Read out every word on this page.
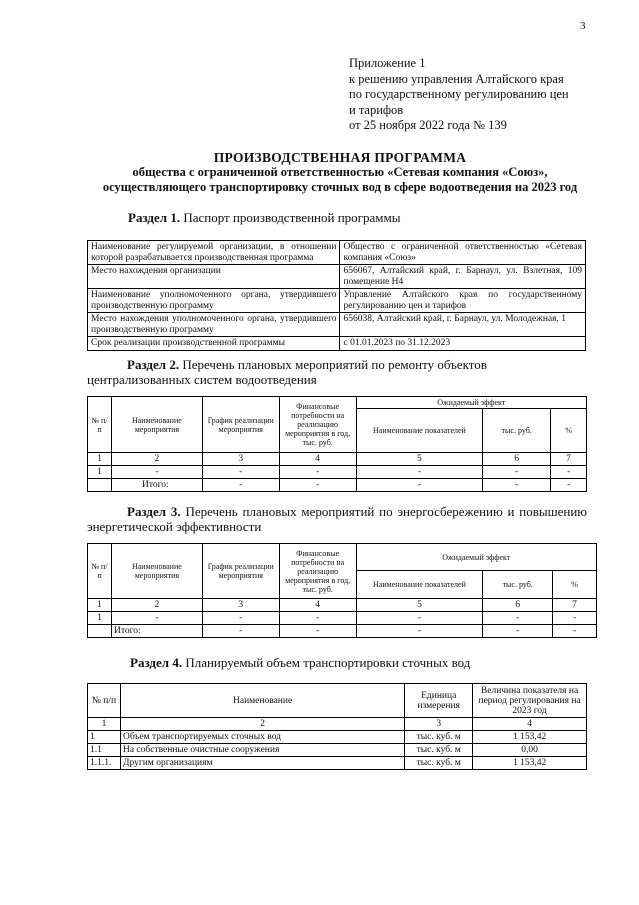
3
Приложение 1
к решению управления Алтайского края
по государственному регулированию цен
и тарифов
от 25 ноября 2022 года № 139
ПРОИЗВОДСТВЕННАЯ ПРОГРАММА
общества с ограниченной ответственностью «Сетевая компания «Союз»,
осуществляющего транспортировку сточных вод в сфере водоотведения на 2023 год
Раздел 1. Паспорт производственной программы
Наименование регулируемой организации, в отношении которой разрабатывается производственная программа	Общество с ограниченной ответственностью «Сетевая компания «Союз»
Место нахождения организации	656067, Алтайский край, г. Барнаул, ул. Взлетная, 109 помещение Н4
Наименование уполномоченного органа, утвердившего производственную программу	Управление Алтайского края по государственному регулированию цен и тарифов
Место нахождения уполномоченного органа, утвердившего производственную программу	656038, Алтайский край, г. Барнаул, ул. Молодежная, 1
Срок реализации производственной программы	с 01.01.2023 по 31.12.2023
Раздел 2. Перечень плановых мероприятий по ремонту объектов централизованных систем водоотведения
№ п/п	Наименование мероприятия	График реализации мероприятия	Финансовые потребности на реализацию мероприятия в год, тыс. руб.	Ожидаемый эффект		
				Наименование показателей	тыс. руб.	%
1	2	3	4	5	6	7
1	-	-	-	-	-	-
	Итого:	-	-	-	-	-
Раздел 3. Перечень плановых мероприятий по энергосбережению и повышению энергетической эффективности
№ п/п	Наименование мероприятия	График реализации мероприятия	Финансовые потребности на реализацию мероприятия в год, тыс. руб.	Ожидаемый эффект		
				Наименование показателей	тыс. руб.	%
1	2	3	4	5	6	7
1	-	-	-	-	-	-
	Итого:	-	-	-	-	-
Раздел 4. Планируемый объем транспортировки сточных вод
№ п/п	Наименование	Единица измерения	Величина показателя на период регулирования на 2023 год
1	2	3	4
1	Объем транспортируемых сточных вод	тыс. куб. м	1 153,42
1.1	На собственные очистные сооружения	тыс. куб. м	0,00
1.1.1.	Другим организациям	тыс. куб. м	1 153,42
